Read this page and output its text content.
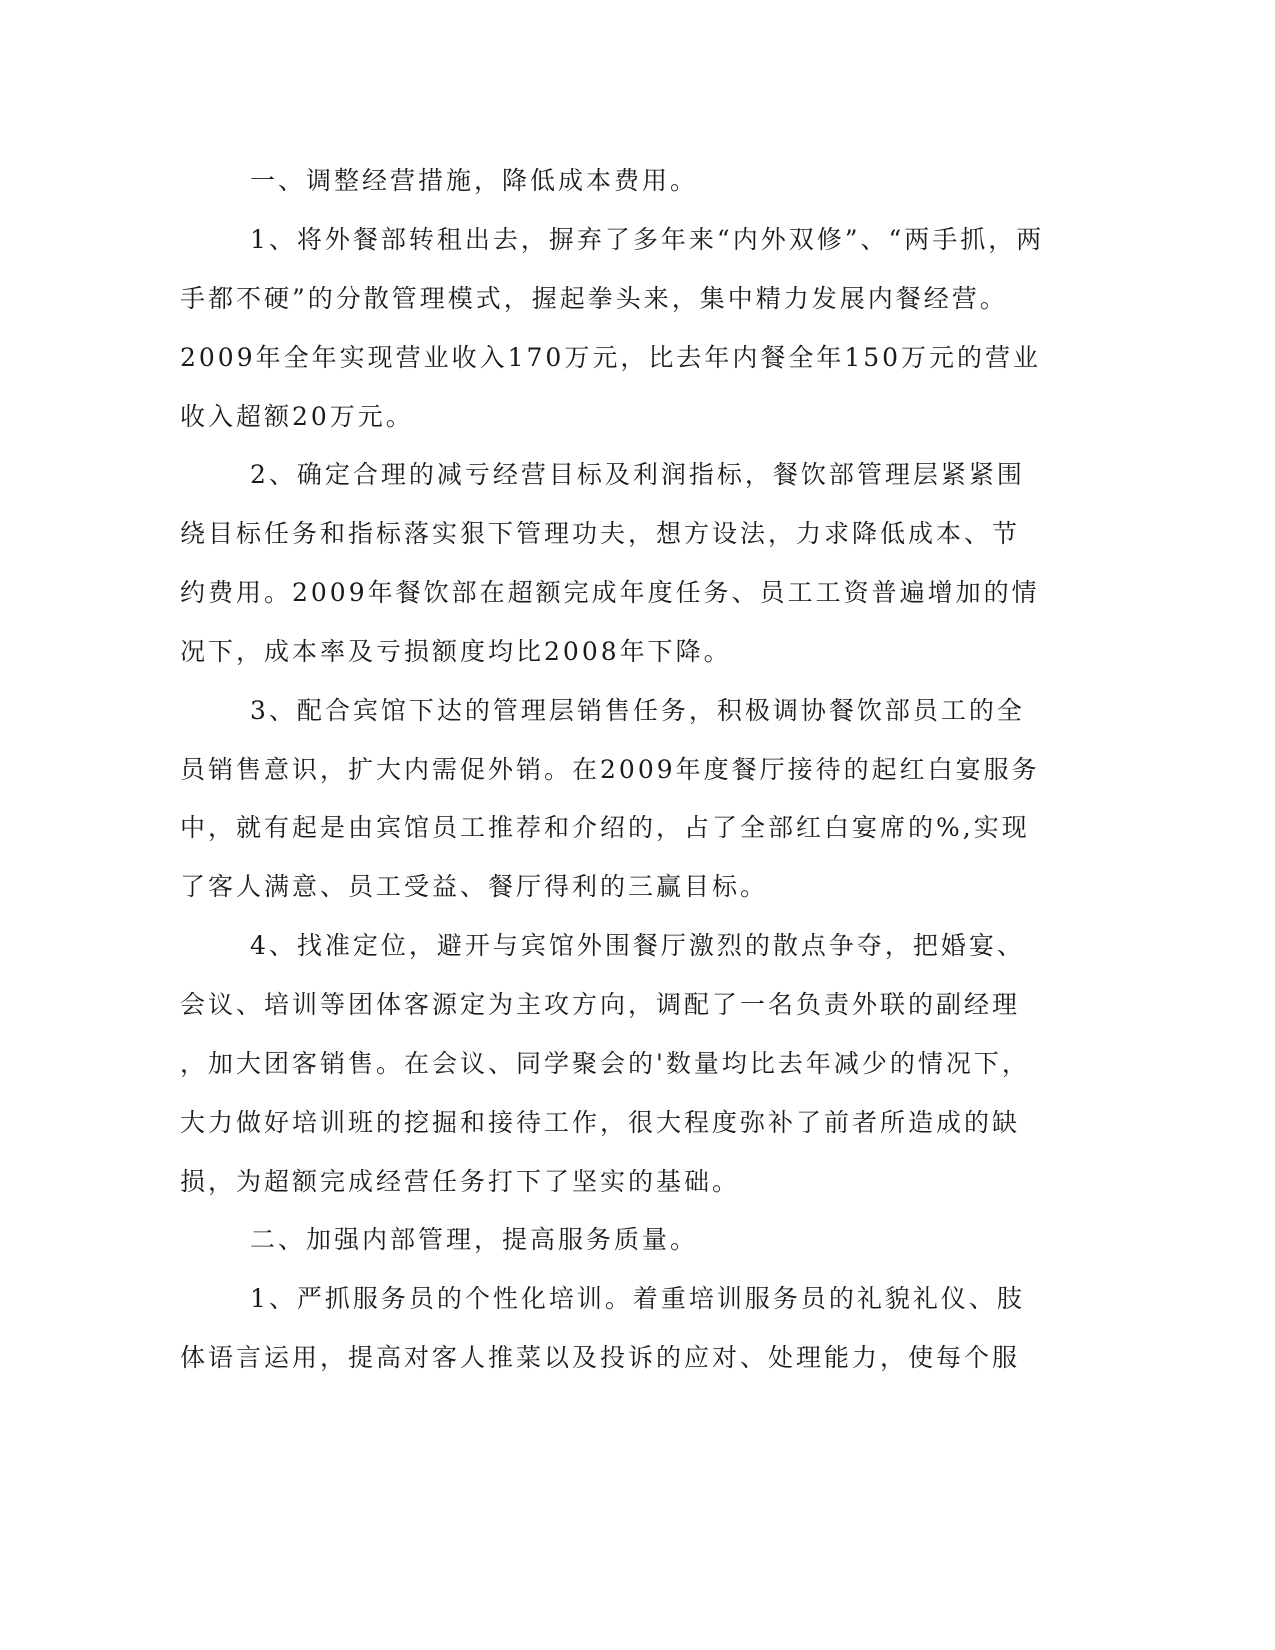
一、调整经营措施，降低成本费用。
1、将外餐部转租出去，摒弃了多年来“内外双修”、“两手抓，两
手都不硬”的分散管理模式，握起拳头来，集中精力发展内餐经营。
2009年全年实现营业收入170万元，比去年内餐全年150万元的营业
收入超额20万元。
2、确定合理的减亏经营目标及利润指标，餐饮部管理层紧紧围
绕目标任务和指标落实狠下管理功夫，想方设法，力求降低成本、节
约费用。2009年餐饮部在超额完成年度任务、员工工资普遍增加的情
况下，成本率及亏损额度均比2008年下降。
3、配合宾馆下达的管理层销售任务，积极调协餐饮部员工的全
员销售意识，扩大内需促外销。在2009年度餐厅接待的起红白宴服务
中，就有起是由宾馆员工推荐和介绍的，占了全部红白宴席的%,实现
了客人满意、员工受益、餐厅得利的三赢目标。
4、找准定位，避开与宾馆外围餐厅激烈的散点争夺，把婚宴、
会议、培训等团体客源定为主攻方向，调配了一名负责外联的副经理
，加大团客销售。在会议、同学聚会的'数量均比去年减少的情况下，
大力做好培训班的挖掘和接待工作，很大程度弥补了前者所造成的缺
损，为超额完成经营任务打下了坚实的基础。
二、加强内部管理，提高服务质量。
1、严抓服务员的个性化培训。着重培训服务员的礼貌礼仪、肢
体语言运用，提高对客人推菜以及投诉的应对、处理能力，使每个服
